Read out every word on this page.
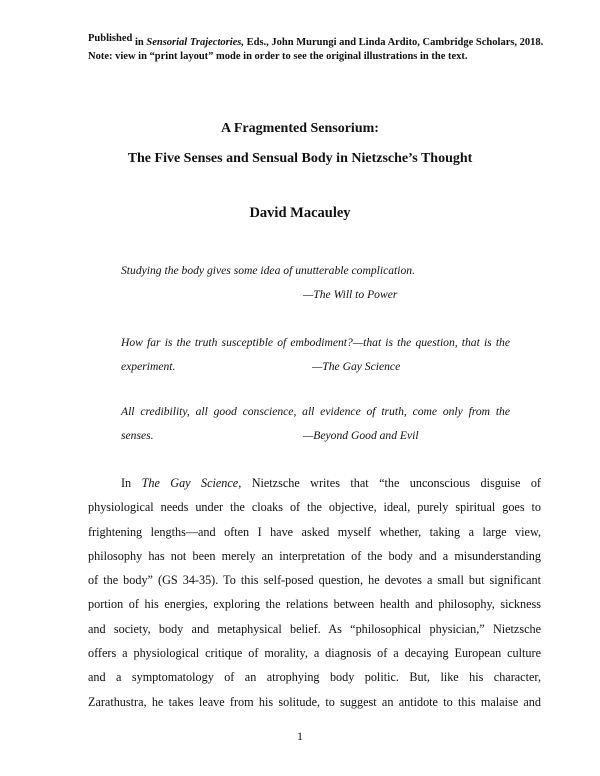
Published in Sensorial Trajectories, Eds., John Murungi and Linda Ardito, Cambridge Scholars, 2018.
Note: view in “print layout” mode in order to see the original illustrations in the text.
A Fragmented Sensorium:
The Five Senses and Sensual Body in Nietzsche’s Thought
David Macauley
Studying the body gives some idea of unutterable complication.
—The Will to Power
How far is the truth susceptible of embodiment?—that is the question, that is the
experiment.	—The Gay Science
All credibility, all good conscience, all evidence of truth, come only from the
senses.	—Beyond Good and Evil
In The Gay Science, Nietzsche writes that “the unconscious disguise of
physiological needs under the cloaks of the objective, ideal, purely spiritual goes to
frightening lengths—and often I have asked myself whether, taking a large view,
philosophy has not been merely an interpretation of the body and a misunderstanding
of the body” (GS 34-35). To this self-posed question, he devotes a small but significant
portion of his energies, exploring the relations between health and philosophy, sickness
and society, body and metaphysical belief. As “philosophical physician,” Nietzsche
offers a physiological critique of morality, a diagnosis of a decaying European culture
and a symptomatology of an atrophying body politic. But, like his character,
Zarathustra, he takes leave from his solitude, to suggest an antidote to this malaise and
1
